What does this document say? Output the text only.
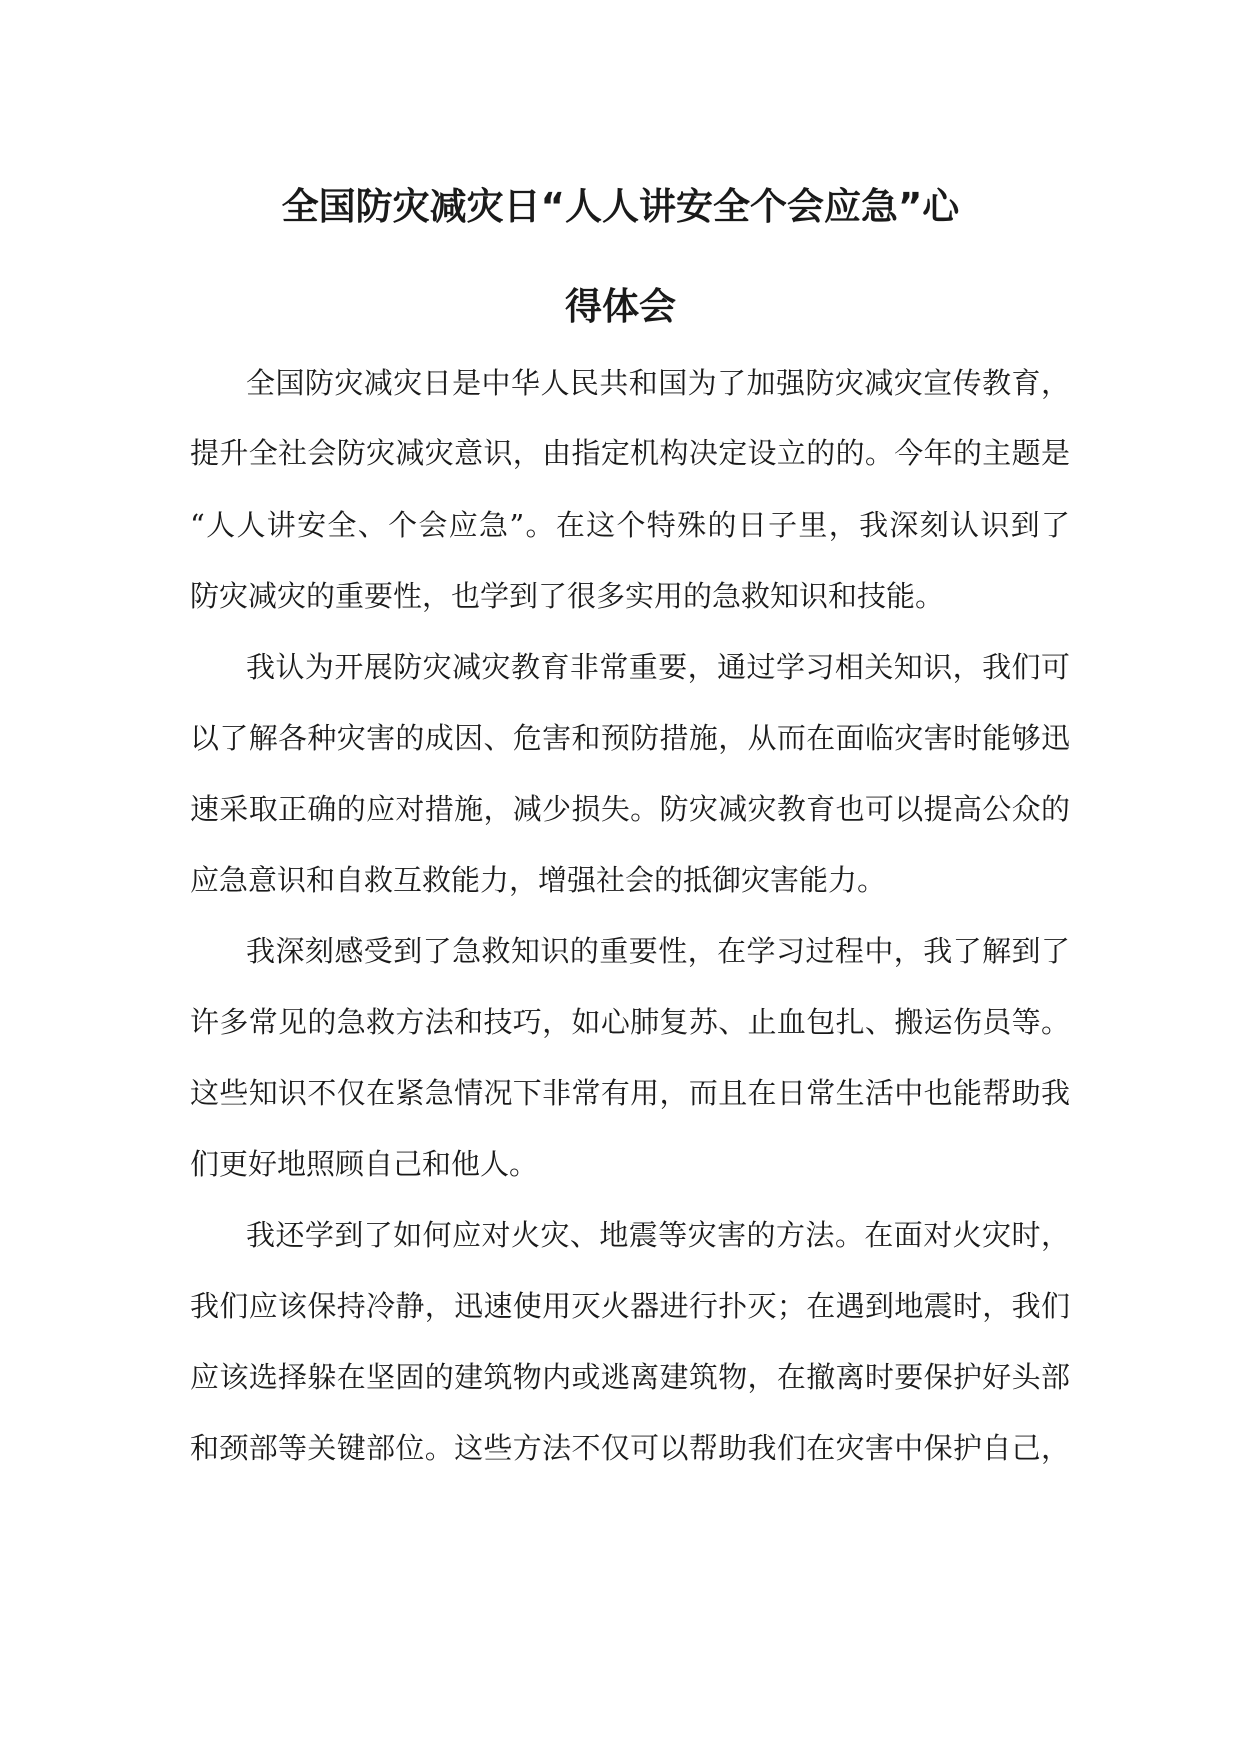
全国防灾减灾日“人人讲安全个会应急”心
得体会
全国防灾减灾日是中华人民共和国为了加强防灾减灾宣传教育，
提升全社会防灾减灾意识，由指定机构决定设立的的。今年的主题是
“人人讲安全、个会应急”。在这个特殊的日子里，我深刻认识到了
防灾减灾的重要性，也学到了很多实用的急救知识和技能。
我认为开展防灾减灾教育非常重要，通过学习相关知识，我们可
以了解各种灾害的成因、危害和预防措施，从而在面临灾害时能够迅
速采取正确的应对措施，减少损失。防灾减灾教育也可以提高公众的
应急意识和自救互救能力，增强社会的抵御灾害能力。
我深刻感受到了急救知识的重要性，在学习过程中，我了解到了
许多常见的急救方法和技巧，如心肺复苏、止血包扎、搬运伤员等。
这些知识不仅在紧急情况下非常有用，而且在日常生活中也能帮助我
们更好地照顾自己和他人。
我还学到了如何应对火灾、地震等灾害的方法。在面对火灾时，
我们应该保持冷静，迅速使用灭火器进行扑灭；在遇到地震时，我们
应该选择躲在坚固的建筑物内或逃离建筑物，在撤离时要保护好头部
和颈部等关键部位。这些方法不仅可以帮助我们在灾害中保护自己，
